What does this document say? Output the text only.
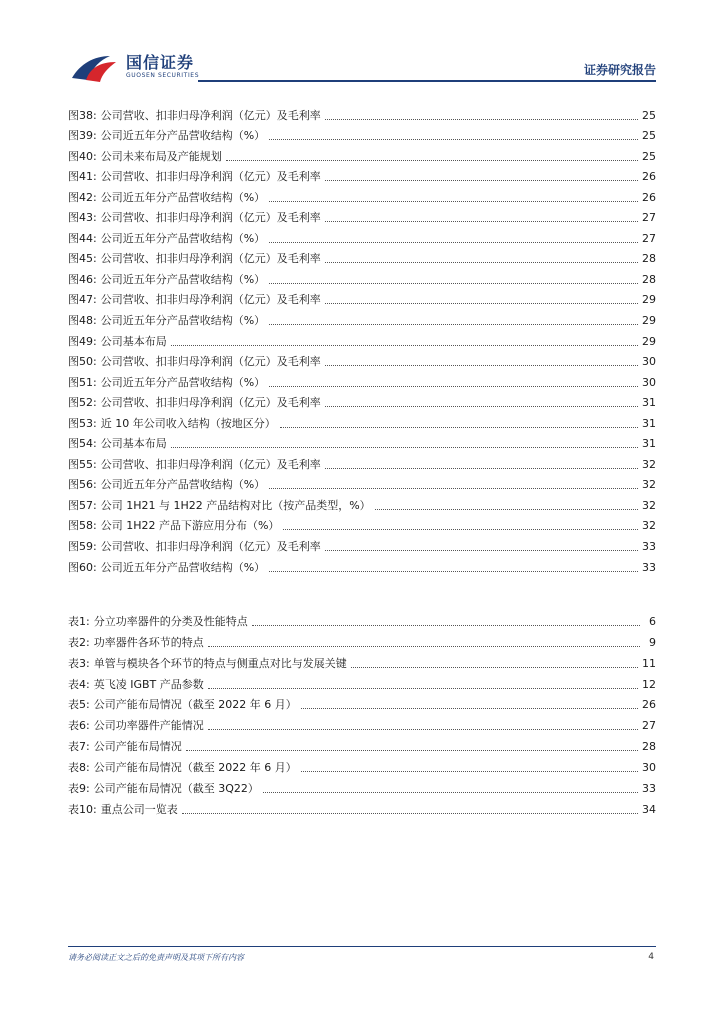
国信证券
GUOSEN SECURITIES	证券研究报告
图38: 公司营收、扣非归母净利润（亿元）及毛利率	25
图39: 公司近五年分产品营收结构（%）	25
图40: 公司未来布局及产能规划	25
图41: 公司营收、扣非归母净利润（亿元）及毛利率	26
图42: 公司近五年分产品营收结构（%）	26
图43: 公司营收、扣非归母净利润（亿元）及毛利率	27
图44: 公司近五年分产品营收结构（%）	27
图45: 公司营收、扣非归母净利润（亿元）及毛利率	28
图46: 公司近五年分产品营收结构（%）	28
图47: 公司营收、扣非归母净利润（亿元）及毛利率	29
图48: 公司近五年分产品营收结构（%）	29
图49: 公司基本布局	29
图50: 公司营收、扣非归母净利润（亿元）及毛利率	30
图51: 公司近五年分产品营收结构（%）	30
图52: 公司营收、扣非归母净利润（亿元）及毛利率	31
图53: 近 10 年公司收入结构（按地区分）	31
图54: 公司基本布局	31
图55: 公司营收、扣非归母净利润（亿元）及毛利率	32
图56: 公司近五年分产品营收结构（%）	32
图57: 公司 1H21 与 1H22 产品结构对比（按产品类型，%）	32
图58: 公司 1H22 产品下游应用分布（%）	32
图59: 公司营收、扣非归母净利润（亿元）及毛利率	33
图60: 公司近五年分产品营收结构（%）	33
表1: 分立功率器件的分类及性能特点	6
表2: 功率器件各环节的特点	9
表3: 单管与模块各个环节的特点与侧重点对比与发展关键	11
表4: 英飞凌 IGBT 产品参数	12
表5: 公司产能布局情况（截至 2022 年 6 月）	26
表6: 公司功率器件产能情况	27
表7: 公司产能布局情况	28
表8: 公司产能布局情况（截至 2022 年 6 月）	30
表9: 公司产能布局情况（截至 3Q22）	33
表10: 重点公司一览表	34
请务必阅读正文之后的免责声明及其项下所有内容	4
